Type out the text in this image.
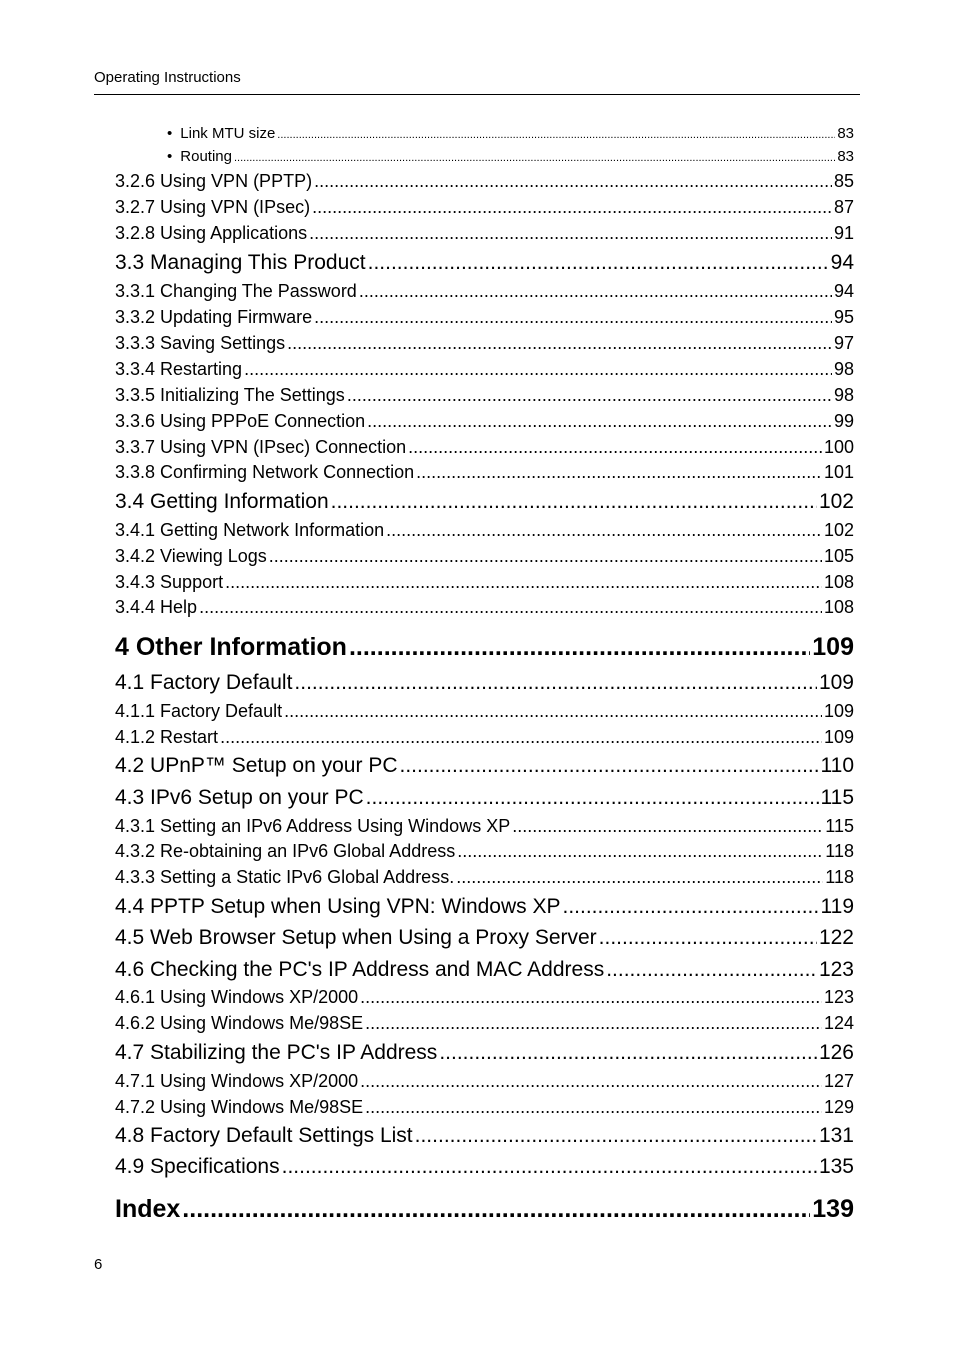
Operating Instructions
• Link MTU size .....	83
• Routing .....	83
3.2.6 Using VPN (PPTP) .....	85
3.2.7 Using VPN (IPsec) .....	87
3.2.8 Using Applications .....	91
3.3 Managing This Product .....	94
3.3.1 Changing The Password .....	94
3.3.2 Updating Firmware .....	95
3.3.3 Saving Settings .....	97
3.3.4 Restarting .....	98
3.3.5 Initializing The Settings .....	98
3.3.6 Using PPPoE Connection .....	99
3.3.7 Using VPN (IPsec) Connection .....	100
3.3.8 Confirming Network Connection .....	101
3.4 Getting Information .....	102
3.4.1 Getting Network Information .....	102
3.4.2 Viewing Logs .....	105
3.4.3 Support .....	108
3.4.4 Help .....	108
4 Other Information .....	109
4.1 Factory Default .....	109
4.1.1 Factory Default .....	109
4.1.2 Restart .....	109
4.2 UPnP™ Setup on your PC .....	110
4.3 IPv6 Setup on your PC .....	115
4.3.1 Setting an IPv6 Address Using Windows XP .....	115
4.3.2 Re-obtaining an IPv6 Global Address .....	118
4.3.3 Setting a Static IPv6 Global Address. .....	118
4.4 PPTP Setup when Using VPN: Windows XP .....	119
4.5 Web Browser Setup when Using a Proxy Server .....	122
4.6 Checking the PC's IP Address and MAC Address .....	123
4.6.1 Using Windows XP/2000 .....	123
4.6.2 Using Windows Me/98SE .....	124
4.7 Stabilizing the PC's IP Address .....	126
4.7.1 Using Windows XP/2000 .....	127
4.7.2 Using Windows Me/98SE .....	129
4.8 Factory Default Settings List .....	131
4.9 Specifications .....	135
Index .....	139
6
